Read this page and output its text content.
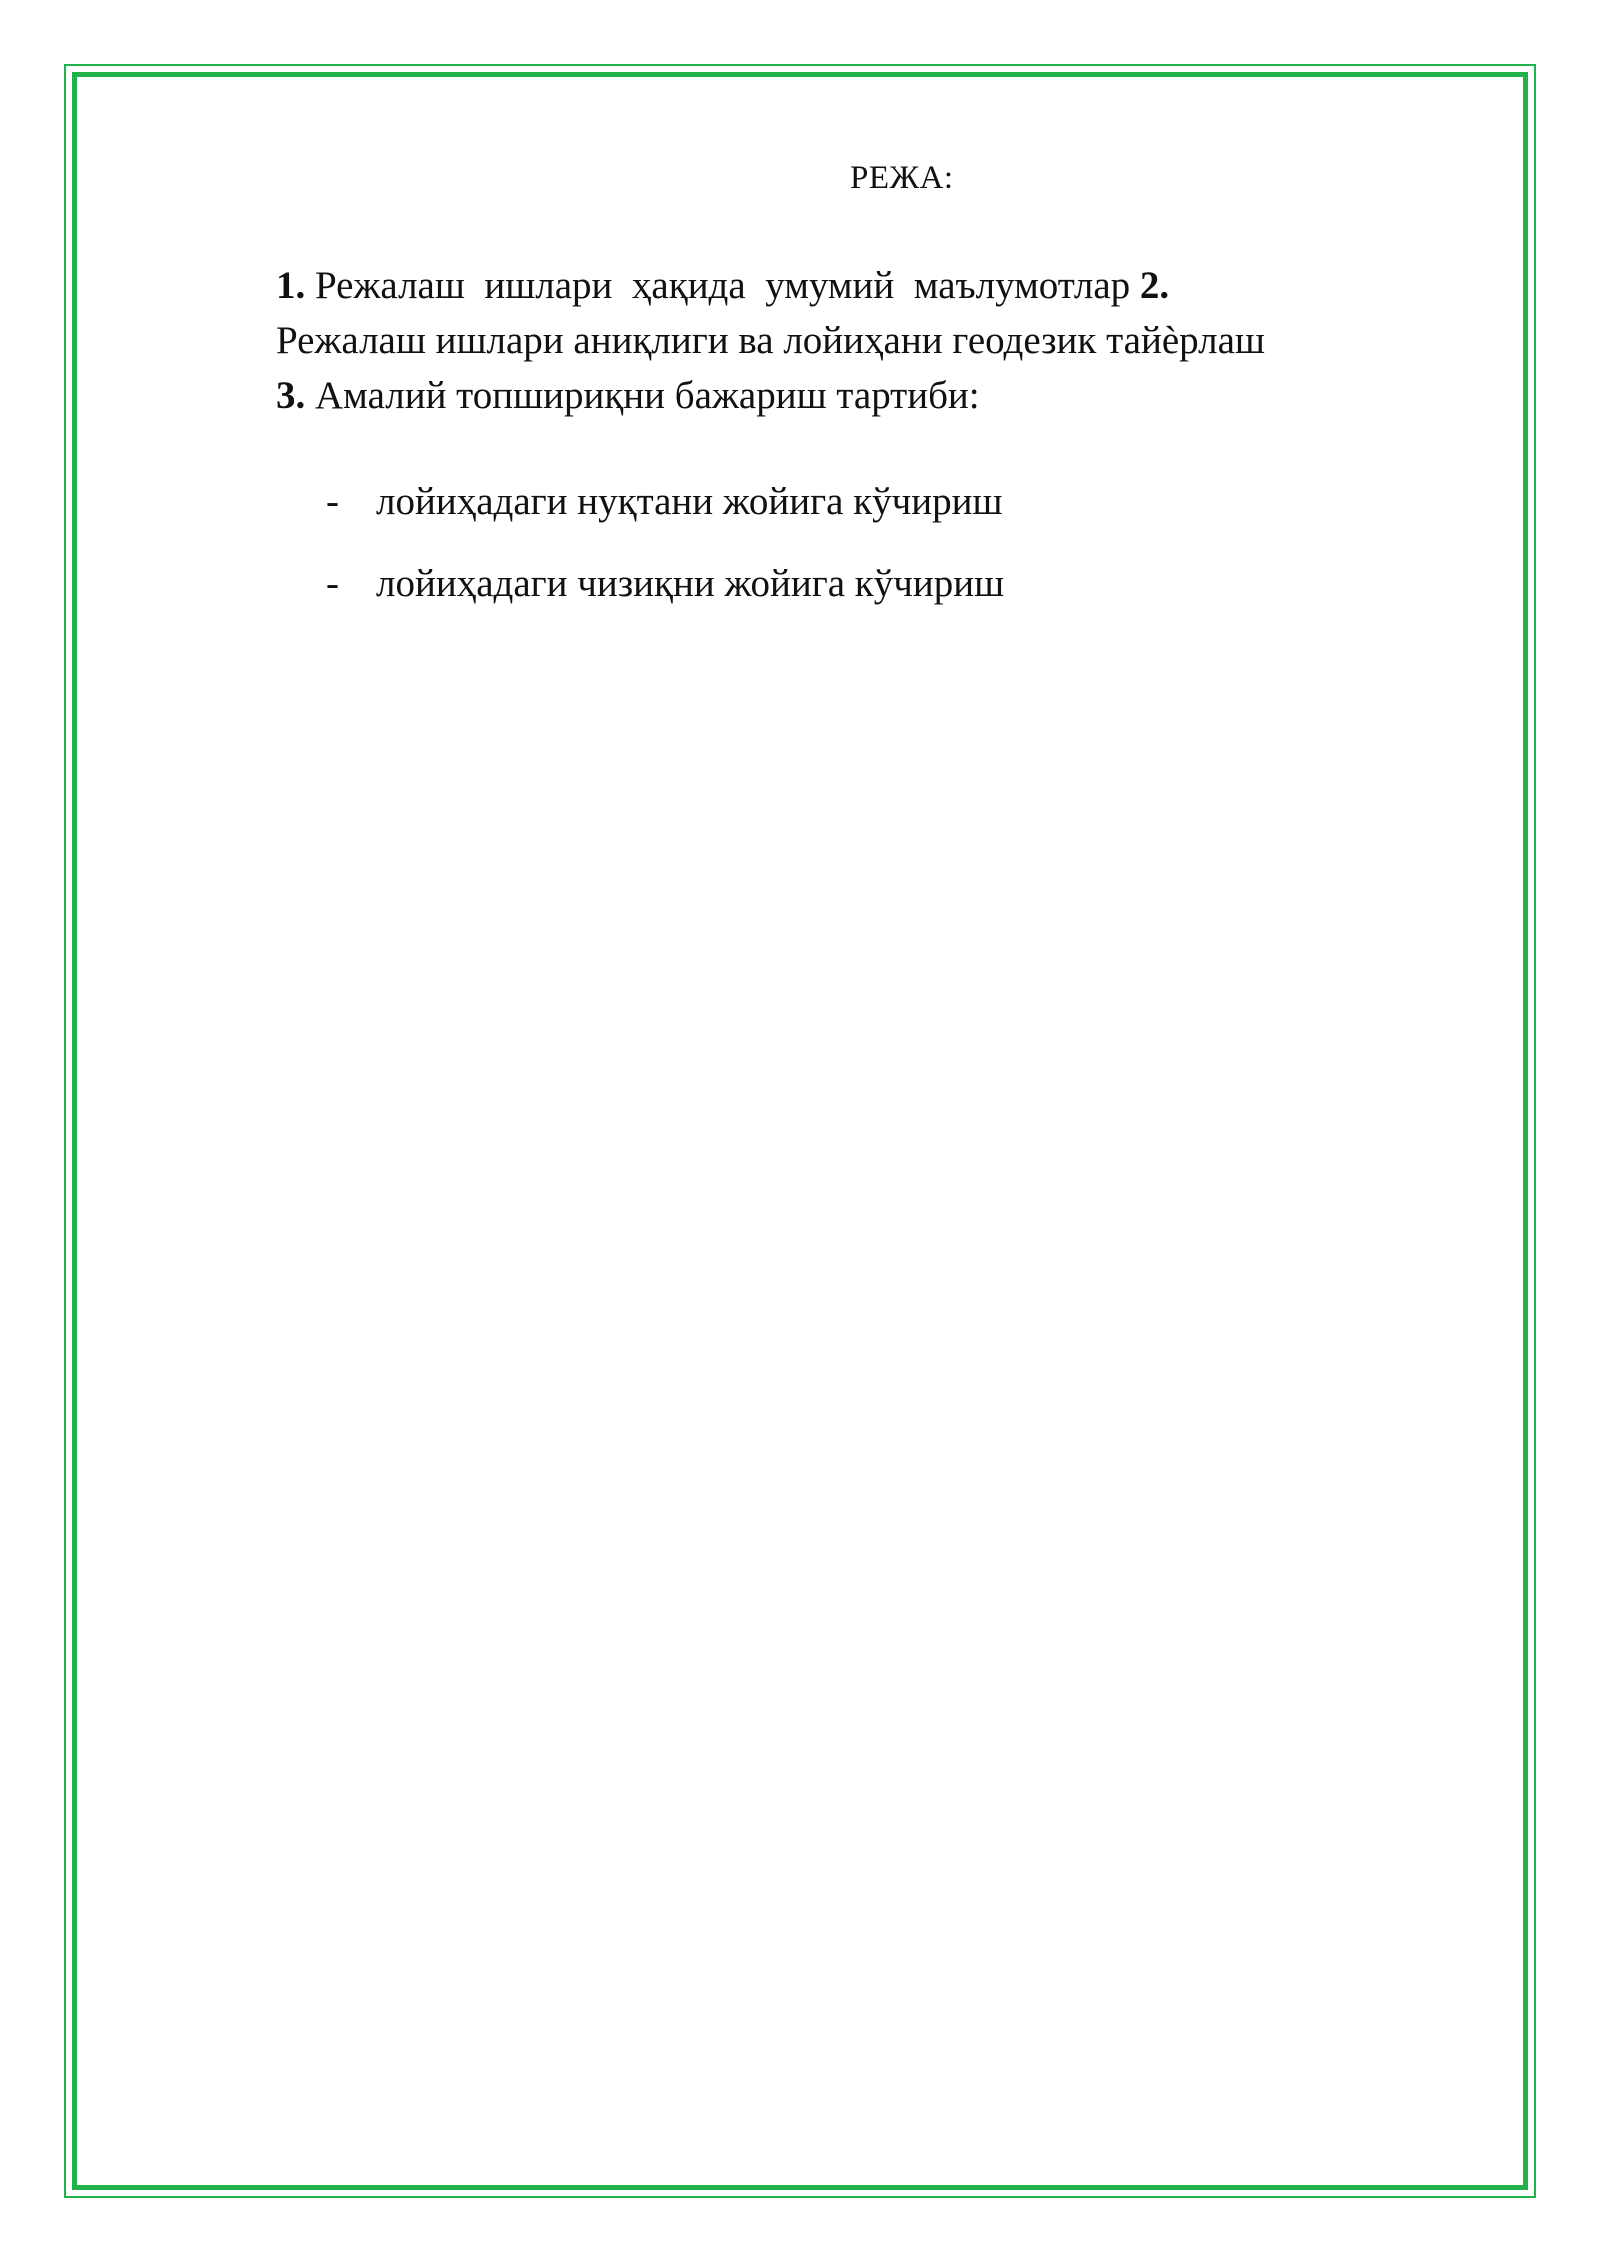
РЕЖА:
1. Режалаш  ишлари  ҳақида  умумий  маълумотлар 2.
Режалаш ишлари аниқлиги ва лойиҳани геодезик тайѐрлаш
3. Амалий топшириқни бажариш тартиби:
- лойиҳадаги нуқтани жойига кўчириш
- лойиҳадаги чизиқни жойига кўчириш
